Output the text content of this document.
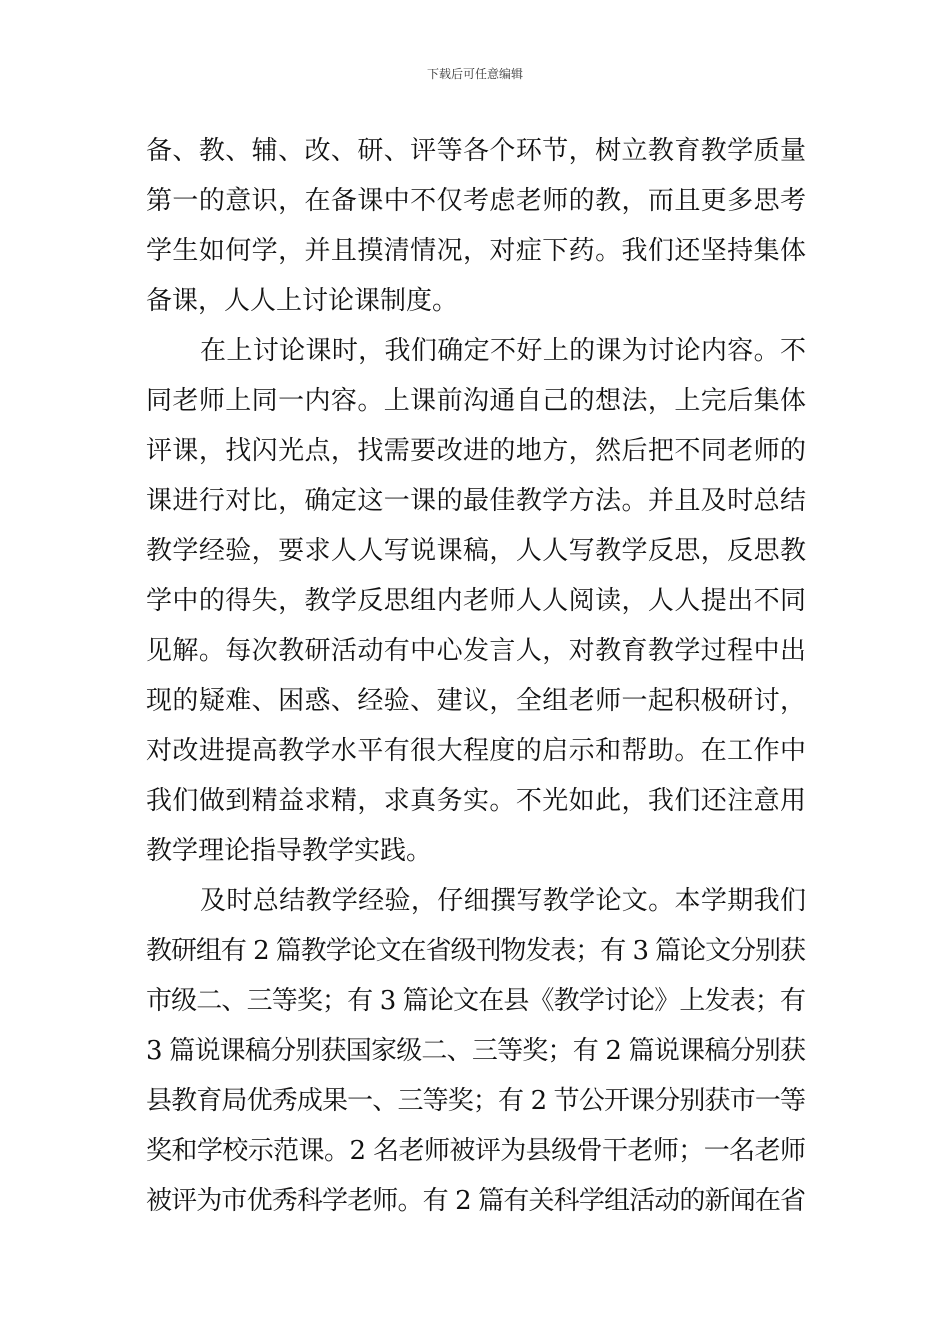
下载后可任意编辑
备、教、辅、改、研、评等各个环节，树立教育教学质量
第一的意识，在备课中不仅考虑老师的教，而且更多思考
学生如何学，并且摸清情况，对症下药。我们还坚持集体
备课，人人上讨论课制度。
在上讨论课时，我们确定不好上的课为讨论内容。不
同老师上同一内容。上课前沟通自己的想法，上完后集体
评课，找闪光点，找需要改进的地方，然后把不同老师的
课进行对比，确定这一课的最佳教学方法。并且及时总结
教学经验，要求人人写说课稿，人人写教学反思，反思教
学中的得失，教学反思组内老师人人阅读，人人提出不同
见解。每次教研活动有中心发言人，对教育教学过程中出
现的疑难、困惑、经验、建议，全组老师一起积极研讨，
对改进提高教学水平有很大程度的启示和帮助。在工作中
我们做到精益求精，求真务实。不光如此，我们还注意用
教学理论指导教学实践。
及时总结教学经验，仔细撰写教学论文。本学期我们
教研组有 2 篇教学论文在省级刊物发表；有 3 篇论文分别获
市级二、三等奖；有 3 篇论文在县《教学讨论》上发表；有
3 篇说课稿分别获国家级二、三等奖；有 2 篇说课稿分别获
县教育局优秀成果一、三等奖；有 2 节公开课分别获市一等
奖和学校示范课。2 名老师被评为县级骨干老师；一名老师
被评为市优秀科学老师。有 2 篇有关科学组活动的新闻在省
